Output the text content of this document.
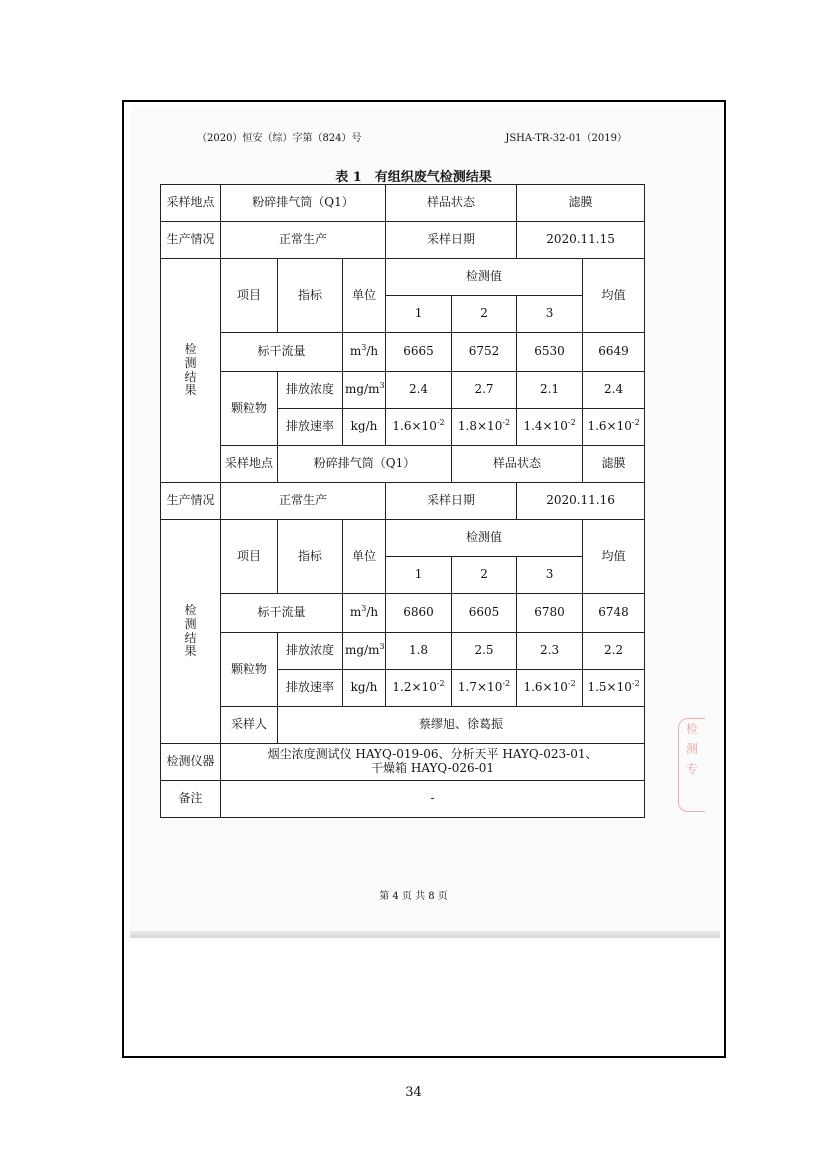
（2020）恒安（综）字第（824）号	JSHA-TR-32-01（2019）
表 1　有组织废气检测结果
采样地点	粉碎排气筒（Q1）			样品状态		滤膜	
生产情况	正常生产			采样日期		2020.11.15	

检
测
结
果	项目	指标	单位	检测值			均值
				1	2	3	
	标干流量		$m^3/h$	6665	6752	6530	6649
	颗粒物	排放浓度	$mg/m^3$	2.4	2.7	2.1	2.4
		排放速率	kg/h	$1.6\times 10^{-2}$	$1.8\times 10^{-2}$	$1.4\times 10^{-2}$	$1.6\times 10^{-2}$
	采样地点	粉碎排气筒（Q1）			样品状态		滤膜
生产情况	正常生产			采样日期		2020.11.16	

检
测
结
果	项目	指标	单位	检测值			均值
				1	2	3	
	标干流量		$m^3/h$	6860	6605	6780	6748
	颗粒物	排放浓度	$mg/m^3$	1.8	2.5	2.3	2.2
		排放速率	kg/h	$1.2\times 10^{-2}$	$1.7\times 10^{-2}$	$1.6\times 10^{-2}$	$1.5\times 10^{-2}$
	采样人	蔡缪旭、徐葛振					
检测仪器	烟尘浓度测试仪 HAYQ-019-06、分析天平 HAYQ-023-01、
干燥箱 HAYQ-026-01						

备注	-						
检
测
专
第 4 页 共 8 页
34
